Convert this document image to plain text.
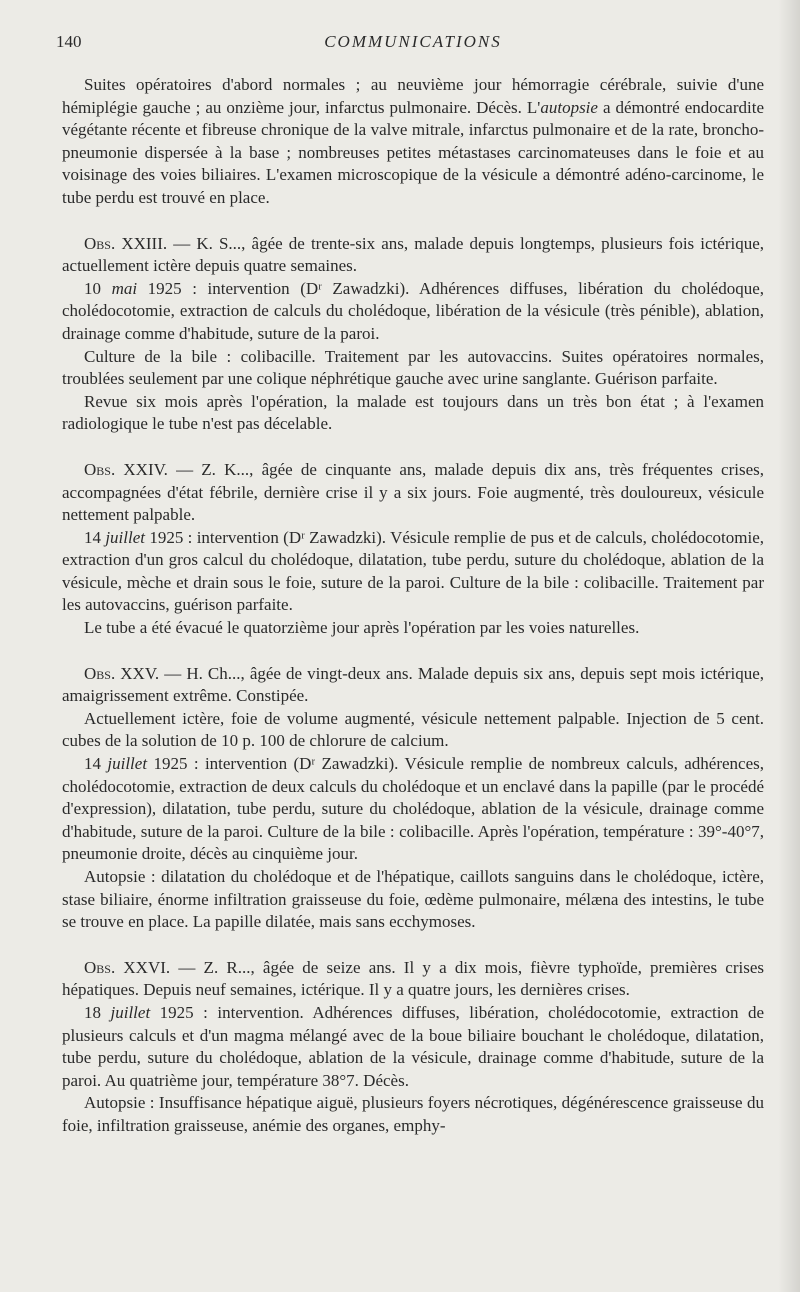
140	COMMUNICATIONS

Suites opératoires d'abord normales ; au neuvième jour hémorragie cérébrale, suivie d'une hémiplégie gauche ; au onzième jour, infarctus pulmonaire. Décès. L'autopsie a démontré endocardite végétante récente et fibreuse chronique de la valve mitrale, infarctus pulmonaire et de la rate, broncho-pneumonie dispersée à la base ; nombreuses petites métastases carcinomateuses dans le foie et au voisinage des voies biliaires. L'examen microscopique de la vésicule a démontré adéno-carcinome, le tube perdu est trouvé en place.

Obs. XXIII. — K. S..., âgée de trente-six ans, malade depuis longtemps, plusieurs fois ictérique, actuellement ictère depuis quatre semaines.

10 mai 1925 : intervention (Dʳ Zawadzki). Adhérences diffuses, libération du cholédoque, cholédocotomie, extraction de calculs du cholédoque, libération de la vésicule (très pénible), ablation, drainage comme d'habitude, suture de la paroi.

Culture de la bile : colibacille. Traitement par les autovaccins. Suites opératoires normales, troublées seulement par une colique néphrétique gauche avec urine sanglante. Guérison parfaite.

Revue six mois après l'opération, la malade est toujours dans un très bon état ; à l'examen radiologique le tube n'est pas décelable.

Obs. XXIV. — Z. K..., âgée de cinquante ans, malade depuis dix ans, très fréquentes crises, accompagnées d'état fébrile, dernière crise il y a six jours. Foie augmenté, très douloureux, vésicule nettement palpable.

14 juillet 1925 : intervention (Dʳ Zawadzki). Vésicule remplie de pus et de calculs, cholédocotomie, extraction d'un gros calcul du cholédoque, dilatation, tube perdu, suture du cholédoque, ablation de la vésicule, mèche et drain sous le foie, suture de la paroi. Culture de la bile : colibacille. Traitement par les autovaccins, guérison parfaite.

Le tube a été évacué le quatorzième jour après l'opération par les voies naturelles.

Obs. XXV. — H. Ch..., âgée de vingt-deux ans. Malade depuis six ans, depuis sept mois ictérique, amaigrissement extrême. Constipée.

Actuellement ictère, foie de volume augmenté, vésicule nettement palpable. Injection de 5 cent. cubes de la solution de 10 p. 100 de chlorure de calcium.

14 juillet 1925 : intervention (Dʳ Zawadzki). Vésicule remplie de nombreux calculs, adhérences, cholédocotomie, extraction de deux calculs du cholédoque et un enclavé dans la papille (par le procédé d'expression), dilatation, tube perdu, suture du cholédoque, ablation de la vésicule, drainage comme d'habitude, suture de la paroi. Culture de la bile : colibacille. Après l'opération, température : 39°-40°7, pneumonie droite, décès au cinquième jour.

Autopsie : dilatation du cholédoque et de l'hépatique, caillots sanguins dans le cholédoque, ictère, stase biliaire, énorme infiltration graisseuse du foie, œdème pulmonaire, mélæna des intestins, le tube se trouve en place. La papille dilatée, mais sans ecchymoses.

Obs. XXVI. — Z. R..., âgée de seize ans. Il y a dix mois, fièvre typhoïde, premières crises hépatiques. Depuis neuf semaines, ictérique. Il y a quatre jours, les dernières crises.

18 juillet 1925 : intervention. Adhérences diffuses, libération, cholédocotomie, extraction de plusieurs calculs et d'un magma mélangé avec de la boue biliaire bouchant le cholédoque, dilatation, tube perdu, suture du cholédoque, ablation de la vésicule, drainage comme d'habitude, suture de la paroi. Au quatrième jour, température 38°7. Décès.

Autopsie : Insuffisance hépatique aiguë, plusieurs foyers nécrotiques, dégénérescence graisseuse du foie, infiltration graisseuse, anémie des organes, emphy-
